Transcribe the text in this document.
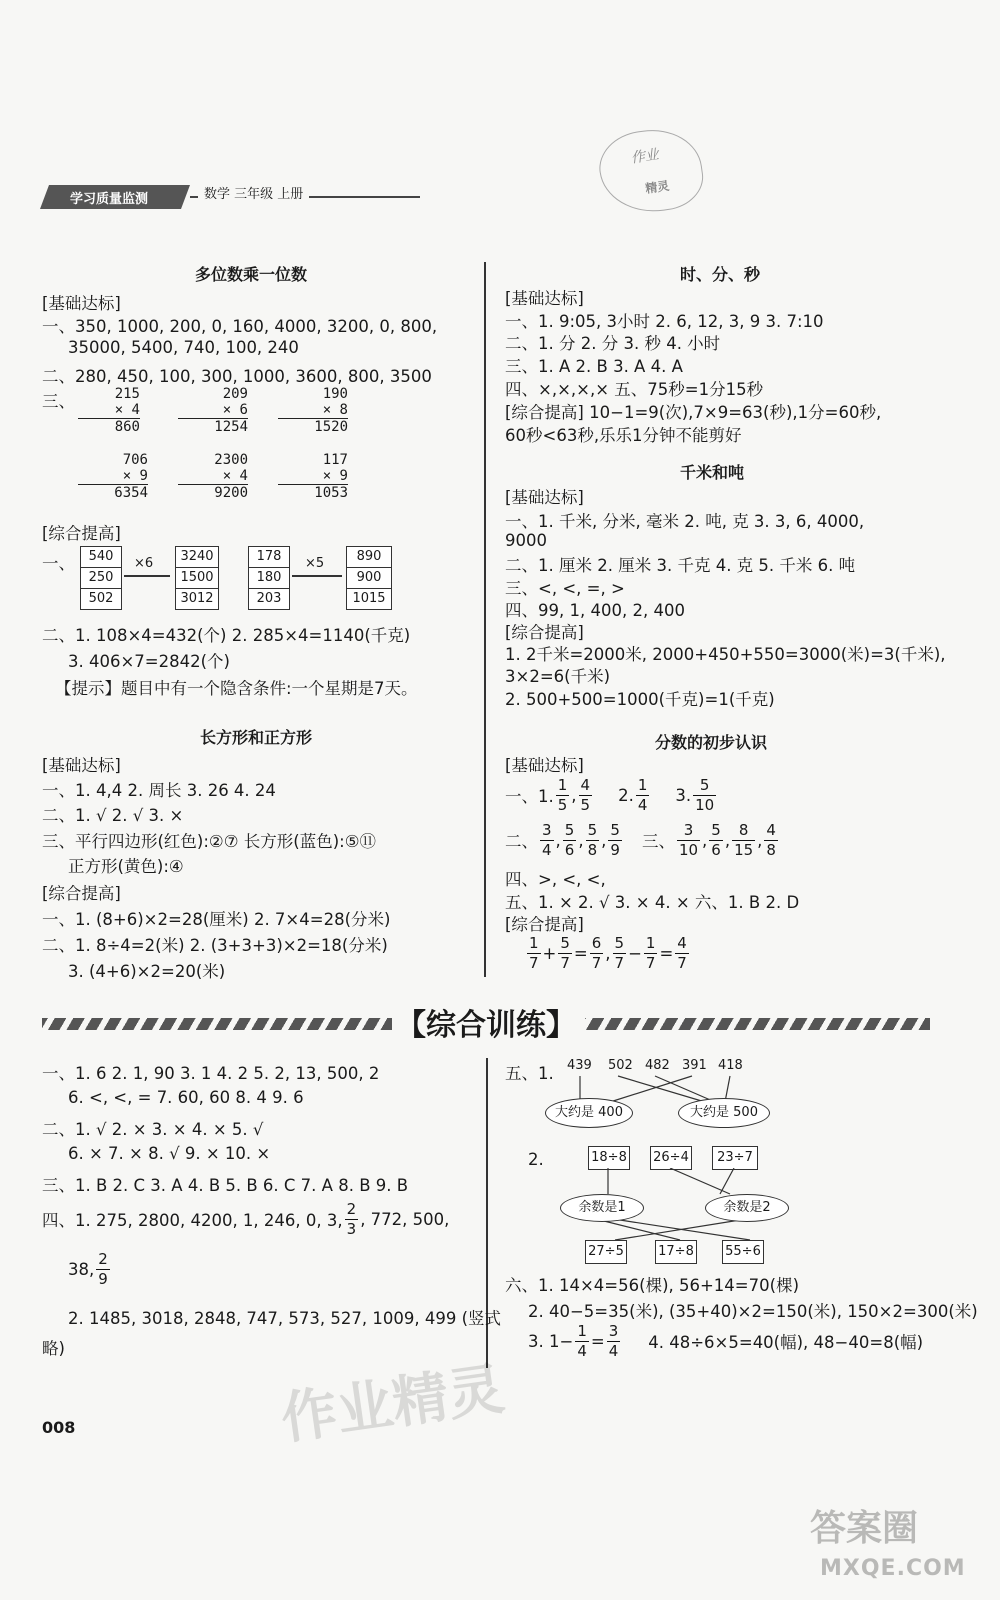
学习质量监测	数学 三年级 上册
作业
精灵
多位数乘一位数
[基础达标]
一、350, 1000, 200, 0, 160, 4000, 3200, 0, 800,
35000, 5400, 740, 100, 240
二、280, 450, 100, 300, 1000, 3600, 800, 3500
三、	215
× 4
860
209
× 6
1254
190
× 8
1520
706
× 9
6354
2300
× 4
9200
117
× 9
1053
[综合提高]
一、	540
250
502
×6	3240
1500
3012
178
180
203
×5	890
900
1015
二、1. 108×4=432(个) 2. 285×4=1140(千克)
3. 406×7=2842(个)
【提示】题目中有一个隐含条件:一个星期是7天。
长方形和正方形
[基础达标]
一、1. 4,4 2. 周长 3. 26 4. 24
二、1. √ 2. √ 3. ×
三、平行四边形(红色):②⑦ 长方形(蓝色):⑤⑪
正方形(黄色):④
[综合提高]
一、1. (8+6)×2=28(厘米) 2. 7×4=28(分米)
二、1. 8÷4=2(米) 2. (3+3+3)×2=18(分米)
3. (4+6)×2=20(米)
时、分、秒
[基础达标]
一、1. 9:05, 3小时 2. 6, 12, 3, 9 3. 7:10
二、1. 分 2. 分 3. 秒 4. 小时
三、1. A 2. B 3. A 4. A
四、×,×,×,× 五、75秒=1分15秒
[综合提高] 10−1=9(次),7×9=63(秒),1分=60秒,
60秒<63秒,乐乐1分钟不能剪好
千米和吨
[基础达标]
一、1. 千米, 分米, 毫米 2. 吨, 克 3. 3, 6, 4000,
9000
二、1. 厘米 2. 厘米 3. 千克 4. 克 5. 千米 6. 吨
三、<, <, =, >
四、99, 1, 400, 2, 400
[综合提高]
1. 2千米=2000米, 2000+450+550=3000(米)=3(千米),
3×2=6(千米)
2. 500+500=1000(千克)=1(千克)
分数的初步认识
[基础达标]
一、1. $\frac{1}{5}$ , $\frac{4}{5} 2$. $\frac{1}{4} 3$. $\frac{5}{10}$
二、 $\frac{3}{4}$ , $\frac{5}{6}$ , $\frac{5}{8}$ , $\frac{5}{9}$ 三、 $\frac{3}{10}$ , $\frac{5}{6}$ , $\frac{8}{15}$ , $\frac{4}{8}$
四、>, <, <,
五、1. × 2. √ 3. × 4. × 六、1. B 2. D
[综合提高]
$\frac{1}{7} + \frac{5}{7} = \frac{6}{7}$ , $\frac{5}{7} - \frac{1}{7} = \frac{4}{7}$
【综合训练】
一、1. 6 2. 1, 90 3. 1 4. 2 5. 2, 13, 500, 2
6. <, <, = 7. 60, 60 8. 4 9. 6
二、1. √ 2. × 3. × 4. × 5. √
6. × 7. × 8. √ 9. × 10. ×
三、1. B 2. C 3. A 4. B 5. B 6. C 7. A 8. B 9. B
四、1. 275, 2800, 4200, 1, 246, 0, 3, $\frac{2}{3}$ , 772, 500,
38, $\frac{2}{9}$
2. 1485, 3018, 2848, 747, 573, 527, 1009, 499 (竖式
略)
五、1. 439 502 482 391 418
大约是 400	大约是 500
2.	18÷8 26÷4	23÷7
余数是1	余数是2
27÷5	17÷8 55÷6
六、1. 14×4=56(棵), 56+14=70(棵)
2. 40−5=35(米), (35+40)×2=150(米), 150×2=300(米)
3. $1- \frac{1}{4} = \frac{3}{4} 4$. 48÷6×5=40(幅), 48−40=8(幅)
作业精灵
008
答案圈
MXQE.COM
